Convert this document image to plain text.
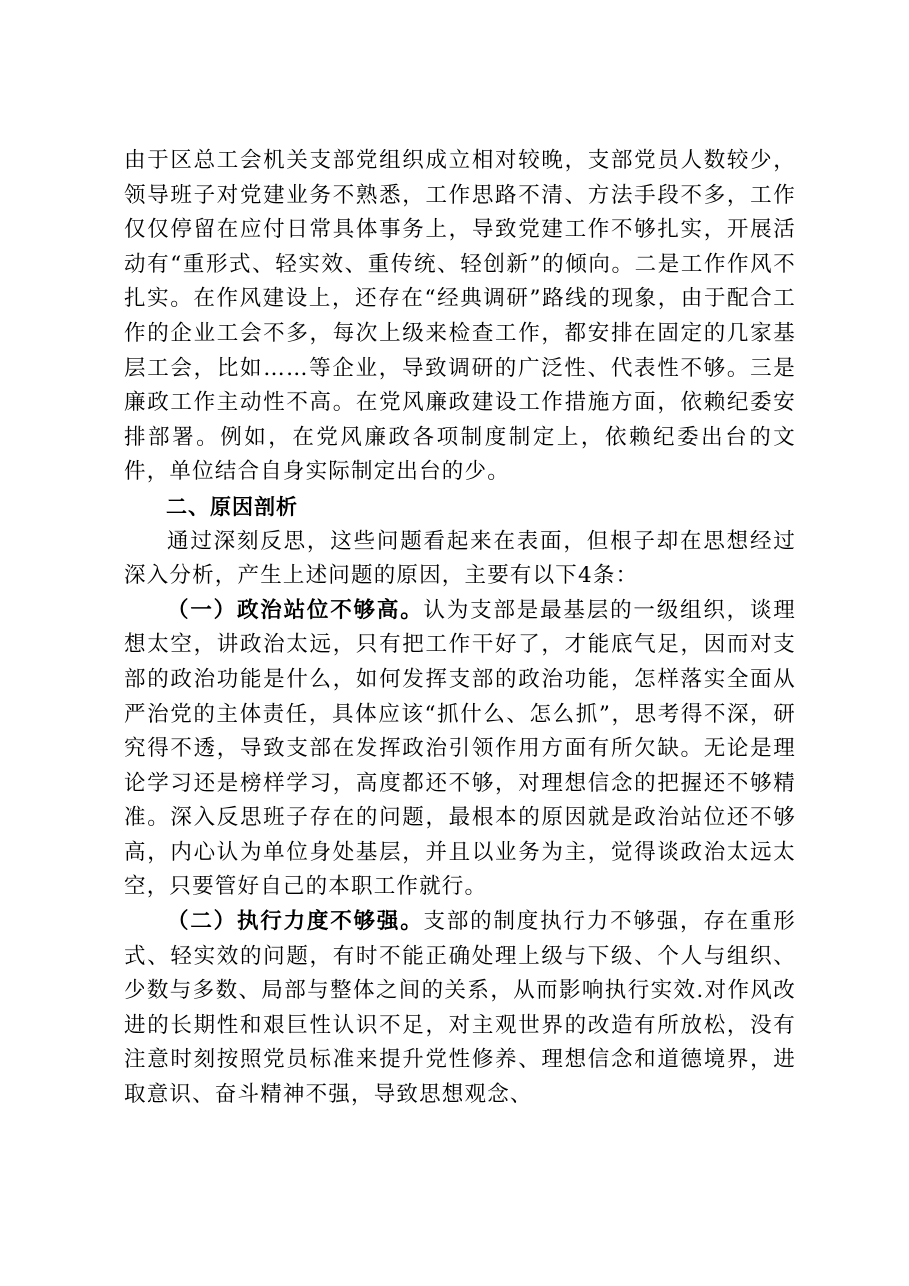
由于区总工会机关支部党组织成立相对较晚，支部党员人数较少，领导班子对党建业务不熟悉，工作思路不清、方法手段不多，工作仅仅停留在应付日常具体事务上，导致党建工作不够扎实，开展活动有“重形式、轻实效、重传统、轻创新”的倾向。二是工作作风不扎实。在作风建设上，还存在“经典调研”路线的现象，由于配合工作的企业工会不多，每次上级来检查工作，都安排在固定的几家基层工会，比如……等企业，导致调研的广泛性、代表性不够。三是廉政工作主动性不高。在党风廉政建设工作措施方面，依赖纪委安排部署。例如，在党风廉政各项制度制定上，依赖纪委出台的文件，单位结合自身实际制定出台的少。

二、原因剖析

通过深刻反思，这些问题看起来在表面，但根子却在思想经过深入分析，产生上述问题的原因，主要有以下4条：

（一）政治站位不够高。认为支部是最基层的一级组织，谈理想太空，讲政治太远，只有把工作干好了，才能底气足，因而对支部的政治功能是什么，如何发挥支部的政治功能，怎样落实全面从严治党的主体责任，具体应该“抓什么、怎么抓”，思考得不深，研究得不透，导致支部在发挥政治引领作用方面有所欠缺。无论是理论学习还是榜样学习，高度都还不够，对理想信念的把握还不够精准。深入反思班子存在的问题，最根本的原因就是政治站位还不够高，内心认为单位身处基层，并且以业务为主，觉得谈政治太远太空，只要管好自己的本职工作就行。

（二）执行力度不够强。支部的制度执行力不够强，存在重形式、轻实效的问题，有时不能正确处理上级与下级、个人与组织、少数与多数、局部与整体之间的关系，从而影响执行实效.对作风改进的长期性和艰巨性认识不足，对主观世界的改造有所放松，没有注意时刻按照党员标准来提升党性修养、理想信念和道德境界，进取意识、奋斗精神不强，导致思想观念、
